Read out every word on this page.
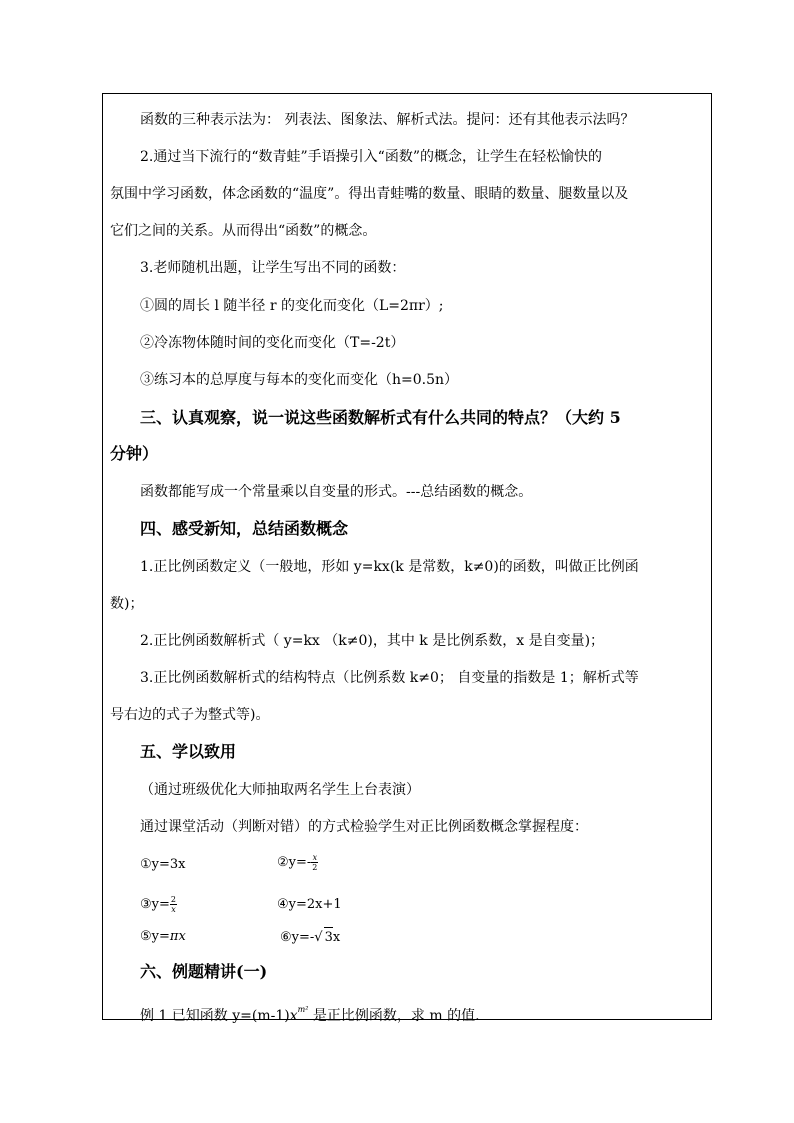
函数的三种表示法为： 列表法、图象法、解析式法。提问：还有其他表示法吗？
2.通过当下流行的“数青蛙”手语操引入“函数”的概念，让学生在轻松愉快的
氛围中学习函数，体念函数的“温度”。得出青蛙嘴的数量、眼睛的数量、腿数量以及
它们之间的关系。从而得出“函数”的概念。
3.老师随机出题，让学生写出不同的函数：
①圆的周长 l 随半径 r 的变化而变化（L=2πr）;
②冷冻物体随时间的变化而变化（T=-2t）
③练习本的总厚度与每本的变化而变化（h=0.5n）
三、认真观察，说一说这些函数解析式有什么共同的特点？（大约 5
分钟）
函数都能写成一个常量乘以自变量的形式。---总结函数的概念。
四、感受新知，总结函数概念
1.正比例函数定义（一般地，形如 y=kx(k 是常数，k≠0)的函数，叫做正比例函
数)；
2.正比例函数解析式（ y=kx （k≠0)，其中 k 是比例系数，x 是自变量)；
3.正比例函数解析式的结构特点（比例系数 k≠0； 自变量的指数是 1；解析式等
号右边的式子为整式等)。
五、学以致用
（通过班级优化大师抽取两名学生上台表演）
通过课堂活动（判断对错）的方式检验学生对正比例函数概念掌握程度：
①y=3x	②y=- $\frac{x}{2}$
③y= $\frac{2}{x}$	④y=2x+1
⑤y=πx	⑥y=-√ 3x
六、例题精讲(一)
例 1 已知函数 $y=(m-1)x^{m^2}$ 是正比例函数，求 m 的值.
